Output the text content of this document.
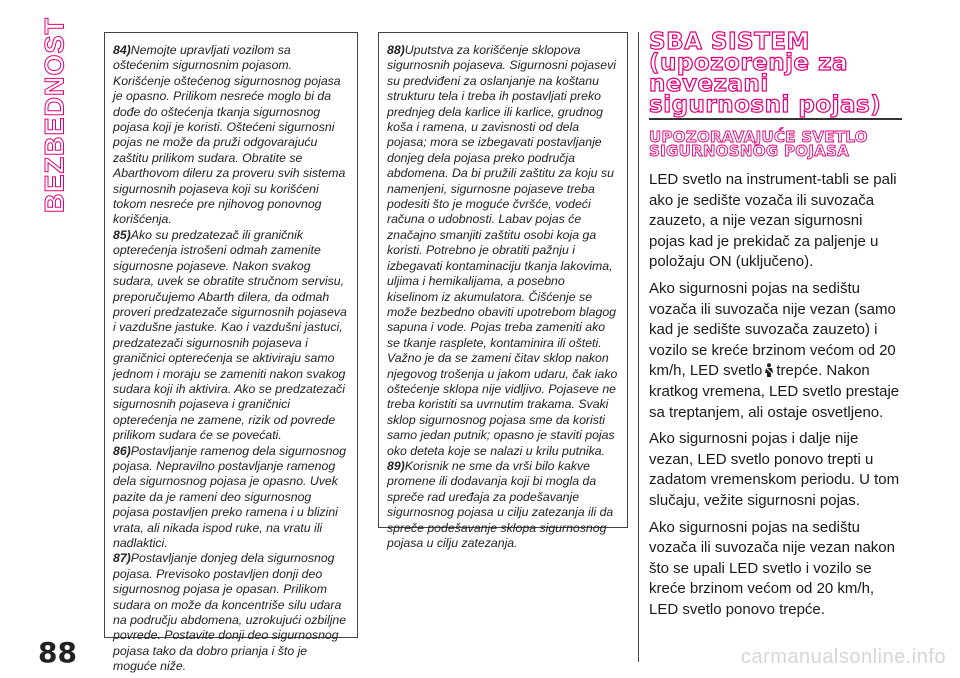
BEZBEDNOST	84)Nemojte upravljati vozilom sa oštećenim sigurnosnim pojasom. Korišćenje oštećenog sigurnosnog pojasa je opasno. Prilikom nesreće moglo bi da dođe do oštećenja tkanja sigurnosnog pojasa koji je koristi. Oštećeni sigurnosni pojas ne može da pruži odgovarajuću zaštitu prilikom sudara. Obratite se Abarthovom dileru za proveru svih sistema sigurnosnih pojaseva koji su korišćeni tokom nesreće pre njihovog ponovnog korišćenja.

85)Ako su predzatezač ili graničnik opterećenja istrošeni odmah zamenite sigurnosne pojaseve. Nakon svakog sudara, uvek se obratite stručnom servisu, preporučujemo Abarth dilera, da odmah proveri predzatezače sigurnosnih pojaseva i vazdušne jastuke. Kao i vazdušni jastuci, predzatezači sigurnosnih pojaseva i graničnici opterećenja se aktiviraju samo jednom i moraju se zameniti nakon svakog sudara koji ih aktivira. Ako se predzatezači sigurnosnih pojaseva i graničnici opterećenja ne zamene, rizik od povrede prilikom sudara će se povećati.

86)Postavljanje ramenog dela sigurnosnog pojasa. Nepravilno postavljanje ramenog dela sigurnosnog pojasa je opasno. Uvek pazite da je rameni deo sigurnosnog pojasa postavljen preko ramena i u blizini vrata, ali nikada ispod ruke, na vratu ili nadlaktici.

87)Postavljanje donjeg dela sigurnosnog pojasa. Previsoko postavljen donji deo sigurnosnog pojasa je opasan. Prilikom sudara on može da koncentriše silu udara na području abdomena, uzrokujući ozbiljne povrede. Postavite donji deo sigurnosnog pojasa tako da dobro prianja i što je moguće niže.

88)Uputstva za korišćenje sklopova sigurnosnih pojaseva. Sigurnosni pojasevi su predviđeni za oslanjanje na koštanu strukturu tela i treba ih postavljati preko prednjeg dela karlice ili karlice, grudnog koša i ramena, u zavisnosti od dela pojasa; mora se izbegavati postavljanje donjeg dela pojasa preko područja abdomena. Da bi pružili zaštitu za koju su namenjeni, sigurnosne pojaseve treba podesiti što je moguće čvršće, vodeći računa o udobnosti. Labav pojas će značajno smanjiti zaštitu osobi koja ga koristi. Potrebno je obratiti pažnju i izbegavati kontaminaciju tkanja lakovima, uljima i hemikalijama, a posebno kiselinom iz akumulatora. Čišćenje se može bezbedno obaviti upotrebom blagog sapuna i vode. Pojas treba zameniti ako se tkanje rasplete, kontaminira ili ošteti. Važno je da se zameni čitav sklop nakon njegovog trošenja u jakom udaru, čak iako oštećenje sklopa nije vidljivo. Pojaseve ne treba koristiti sa uvrnutim trakama. Svaki sklop sigurnosnog pojasa sme da koristi samo jedan putnik; opasno je staviti pojas oko deteta koje se nalazi u krilu putnika.

89)Korisnik ne sme da vrši bilo kakve promene ili dodavanja koji bi mogla da spreče rad uređaja za podešavanje sigurnosnog pojasa u cilju zatezanja ili da spreče podešavanje sklopa sigurnosnog pojasa u cilju zatezanja.

SBA SISTEM (upozorenje za nevezani sigurnosni pojas)
UPOZORAVAJUĆE SVETLO SIGURNOSNOG POJASA

LED svetlo na instrument-tabli se pali ako je sedište vozača ili suvozača zauzeto, a nije vezan sigurnosni pojas kad je prekidač za paljenje u položaju ON (uključeno).

Ako sigurnosni pojas na sedištu vozača ili suvozača nije vezan (samo kad je sedište suvozača zauzeto) i vozilo se kreće brzinom većom od 20 km/h, LED svetlo trepće. Nakon kratkog vremena, LED svetlo prestaje sa treptanjem, ali ostaje osvetljeno.

Ako sigurnosni pojas i dalje nije vezan, LED svetlo ponovo trepti u zadatom vremenskom periodu. U tom slučaju, vežite sigurnosni pojas.

Ako sigurnosni pojas na sedištu vozača ili suvozača nije vezan nakon što se upali LED svetlo i vozilo se kreće brzinom većom od 20 km/h, LED svetlo ponovo trepće.

88	carmanualsonline.info
